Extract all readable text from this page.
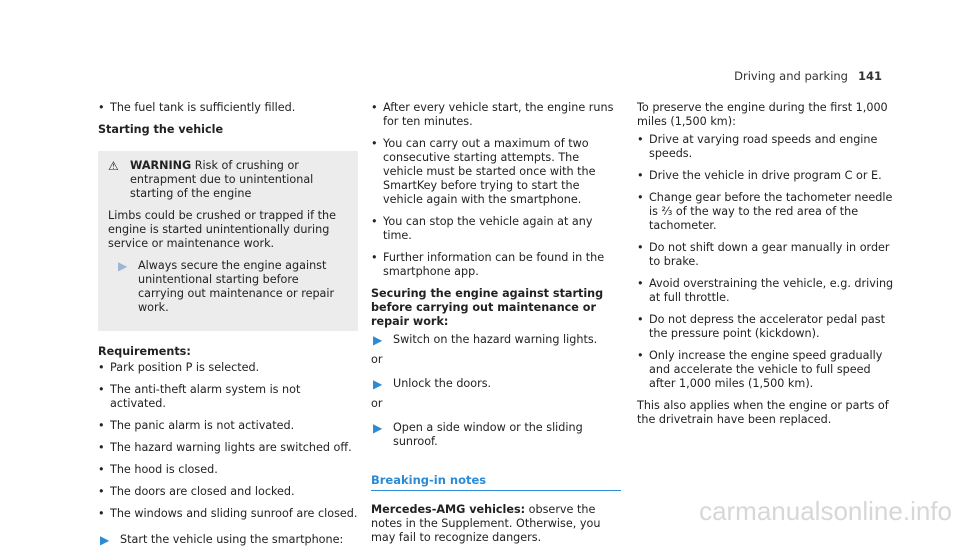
Driving and parking 141
• The fuel tank is sufficiently filled.

Starting the vehicle

⚠ WARNING Risk of crushing or entrapment due to unintentional starting of the engine

Limbs could be crushed or trapped if the engine is started unintentionally during service or maintenance work.

▶ Always secure the engine against unintentional starting before carrying out maintenance or repair work.

Requirements:

• Park position P is selected.
• The anti-theft alarm system is not activated.
• The panic alarm is not activated.
• The hazard warning lights are switched off.
• The hood is closed.
• The doors are closed and locked.
• The windows and sliding sunroof are closed.
▶ Start the vehicle using the smartphone:
• After every vehicle start, the engine runs for ten minutes.
• You can carry out a maximum of two consecutive starting attempts. The vehicle must be started once with the SmartKey before trying to start the vehicle again with the smartphone.
• You can stop the vehicle again at any time.
• Further information can be found in the smartphone app.

Securing the engine against starting before carrying out maintenance or repair work:

▶ Switch on the hazard warning lights.
or
▶ Unlock the doors.
or
▶ Open a side window or the sliding sunroof.
Breaking-in notes

Mercedes-AMG vehicles: observe the notes in the Supplement. Otherwise, you may fail to recognize dangers.

To preserve the engine during the first 1,000 miles (1,500 km):

• Drive at varying road speeds and engine speeds.
• Drive the vehicle in drive program C or E.
• Change gear before the tachometer needle is ⅔ of the way to the red area of the tachometer.
• Do not shift down a gear manually in order to brake.
• Avoid overstraining the vehicle, e.g. driving at full throttle.
• Do not depress the accelerator pedal past the pressure point (kickdown).
• Only increase the engine speed gradually and accelerate the vehicle to full speed after 1,000 miles (1,500 km).

This also applies when the engine or parts of the drivetrain have been replaced.

carmanualsonline.info
